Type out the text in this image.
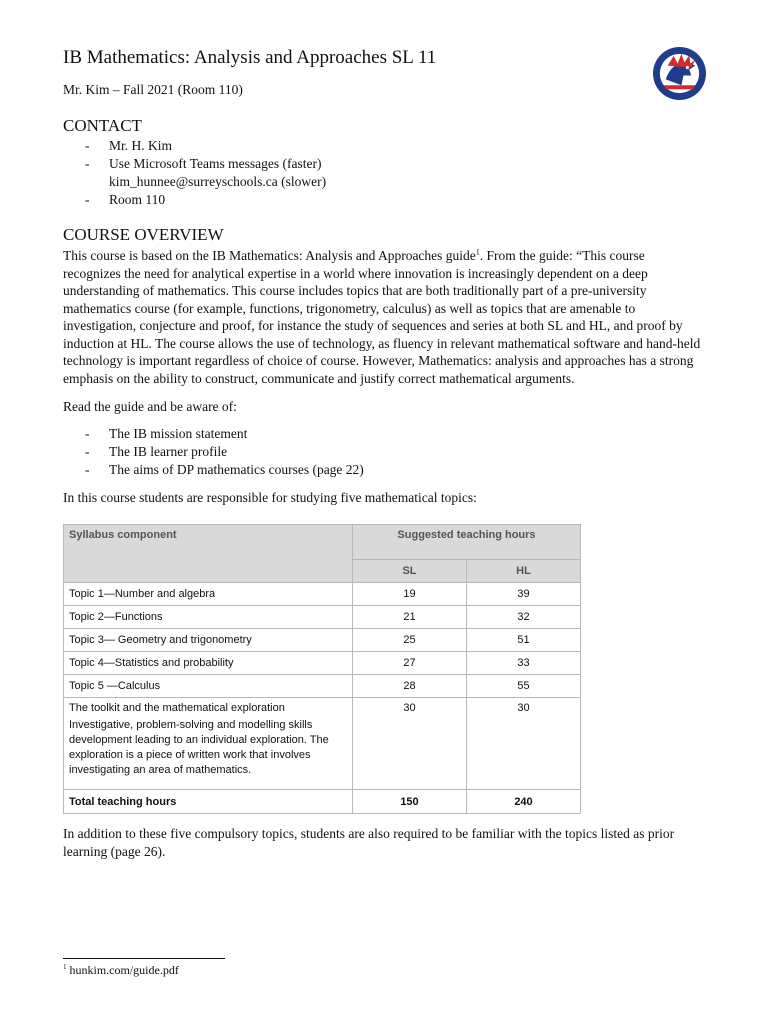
IB Mathematics: Analysis and Approaches SL 11

Mr. Kim – Fall 2021 (Room 110)

CONTACT
- Mr. H. Kim
- Use Microsoft Teams messages (faster)
kim_hunnee@surreyschools.ca (slower)
- Room 110
COURSE OVERVIEW

This course is based on the IB Mathematics: Analysis and Approaches guide$^1$. From the guide: “This course recognizes the need for analytical expertise in a world where innovation is increasingly dependent on a deep understanding of mathematics. This course includes topics that are both traditionally part of a pre-university mathematics course (for example, functions, trigonometry, calculus) as well as topics that are amenable to investigation, conjecture and proof, for instance the study of sequences and series at both SL and HL, and proof by induction at HL. The course allows the use of technology, as fluency in relevant mathematical software and hand-held technology is important regardless of choice of course. However, Mathematics: analysis and approaches has a strong emphasis on the ability to construct, communicate and justify correct mathematical arguments.

Read the guide and be aware of:

- The IB mission statement
- The IB learner profile
- The aims of DP mathematics courses (page 22)

In this course students are responsible for studying five mathematical topics:

Syllabus component	Suggested teaching hours	
	SL	HL
Topic 1—Number and algebra	19	39
Topic 2—Functions	21	32
Topic 3— Geometry and trigonometry	25	51
Topic 4—Statistics and probability	27	33
Topic 5 —Calculus	28	55

The toolkit and the mathematical exploration
Investigative, problem-solving and modelling skills development leading to an individual exploration. The exploration is a piece of written work that involves investigating an area of mathematics.	30	30
Total teaching hours	150	240

In addition to these five compulsory topics, students are also required to be familiar with the topics listed as prior learning (page 26).

$^1$ hunkim.com/guide.pdf
